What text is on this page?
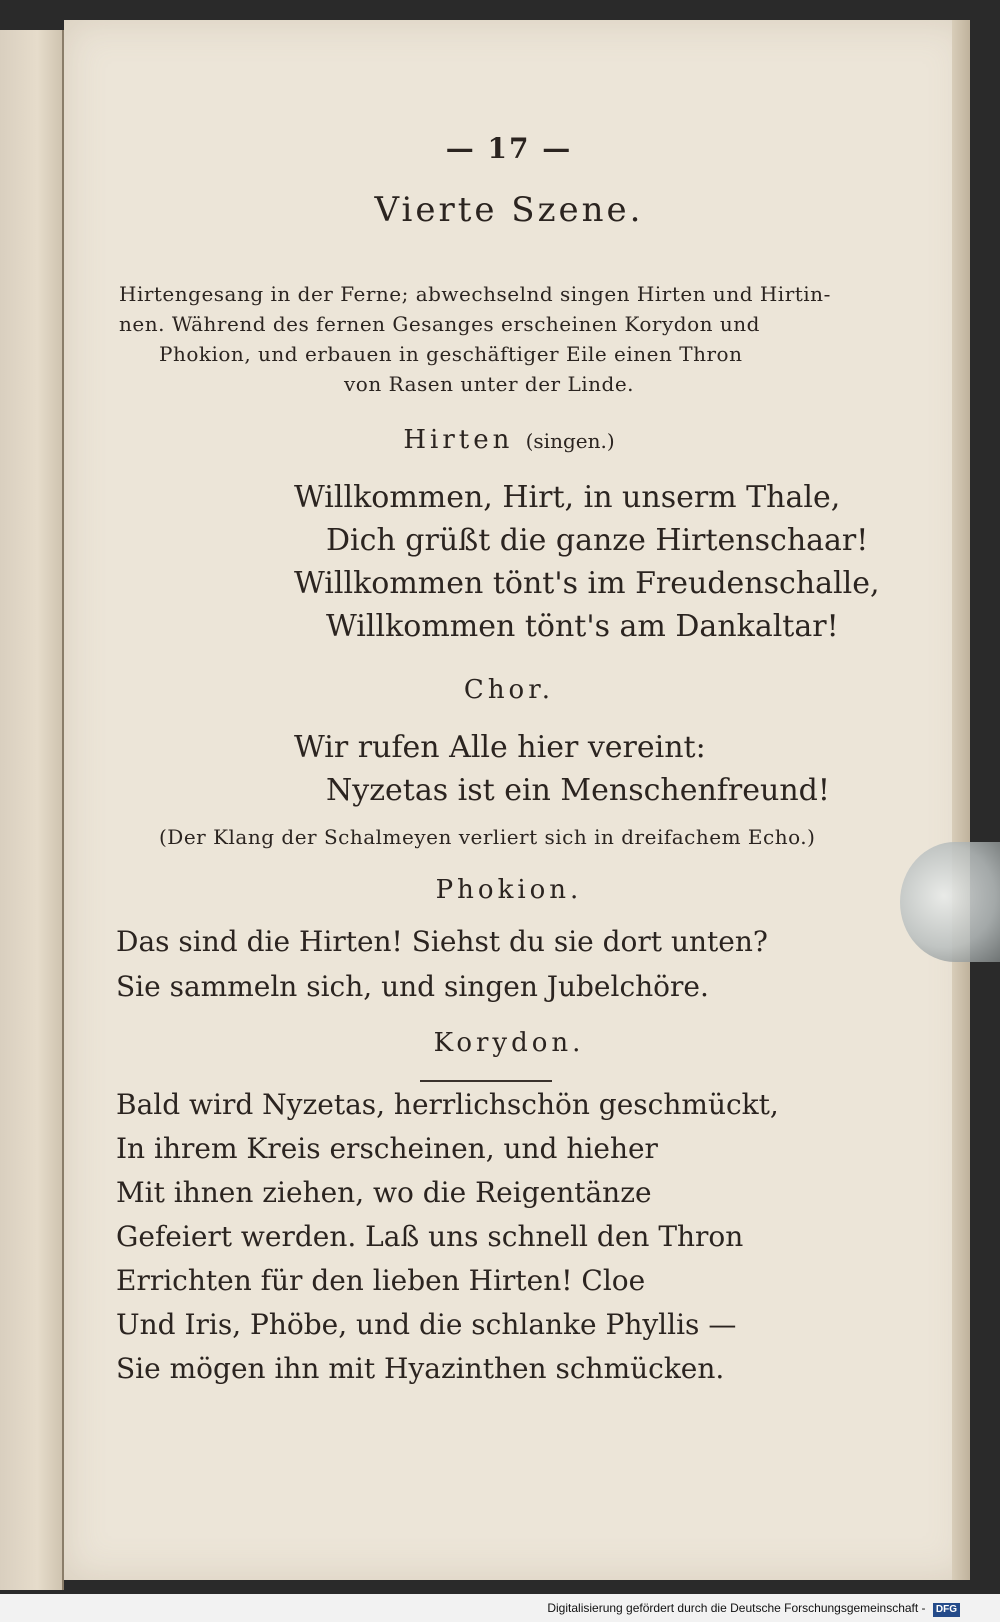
— 17 —
Vierte Szene.
Hirtengesang in der Ferne; abwechselnd singen Hirten und Hirtin-
nen. Während des fernen Gesanges erscheinen Korydon und
Phokion, und erbauen in geschäftiger Eile einen Thron
von Rasen unter der Linde.
Hirten (singen.)
Willkommen, Hirt, in unserm Thale,
Dich grüßt die ganze Hirtenschaar!
Willkommen tönt's im Freudenschalle,
Willkommen tönt's am Dankaltar!
Chor.
Wir rufen Alle hier vereint:
Nyzetas ist ein Menschenfreund!
(Der Klang der Schalmeyen verliert sich in dreifachem Echo.)
Phokion.
Das sind die Hirten! Siehst du sie dort unten?
Sie sammeln sich, und singen Jubelchöre.
Korydon.
Bald wird Nyzetas, herrlichschön geschmückt,
In ihrem Kreis erscheinen, und hieher
Mit ihnen ziehen, wo die Reigentänze
Gefeiert werden. Laß uns schnell den Thron
Errichten für den lieben Hirten! Cloe
Und Iris, Phöbe, und die schlanke Phyllis —
Sie mögen ihn mit Hyazinthen schmücken.
Digitalisierung gefördert durch die Deutsche Forschungsgemeinschaft - DFG
